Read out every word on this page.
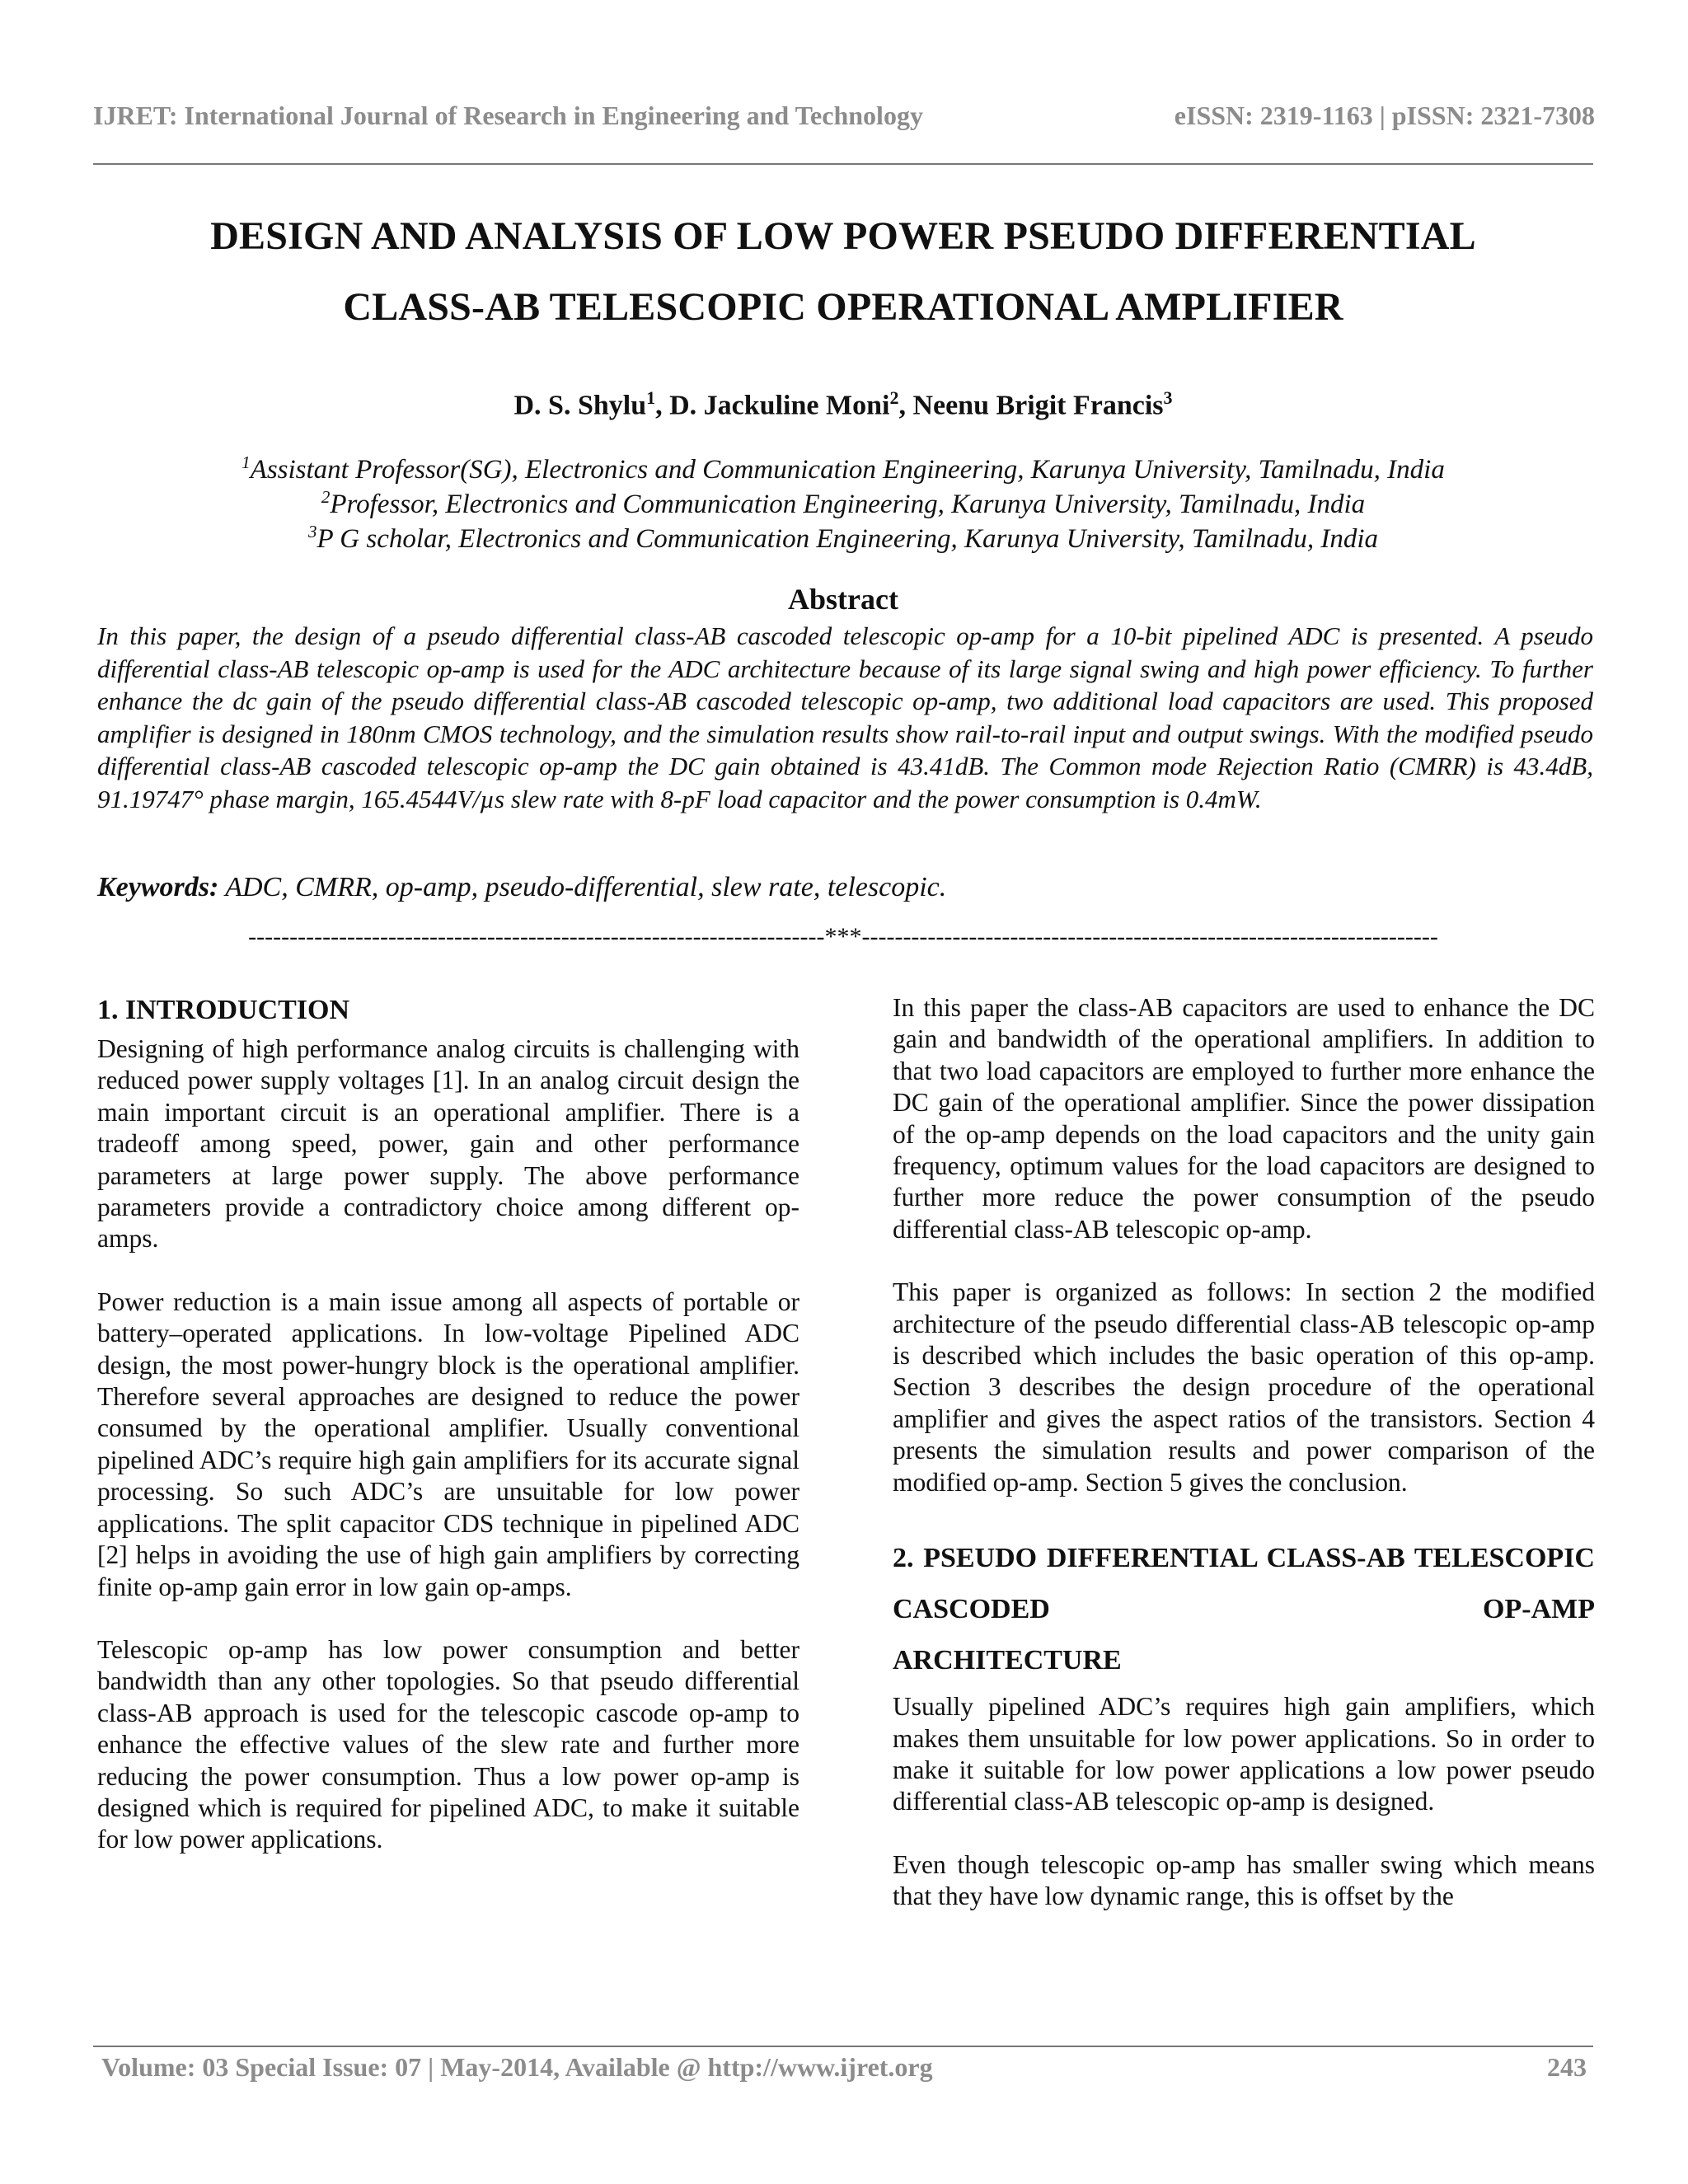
IJRET: International Journal of Research in Engineering and Technology	eISSN: 2319-1163 | pISSN: 2321-7308
DESIGN AND ANALYSIS OF LOW POWER PSEUDO DIFFERENTIAL
CLASS-AB TELESCOPIC OPERATIONAL AMPLIFIER
D. S. Shylu$^1$, D. Jackuline Moni$^2$, Neenu Brigit Francis$^3$
$^1$Assistant Professor(SG), Electronics and Communication Engineering, Karunya University, Tamilnadu, India
$^2$Professor, Electronics and Communication Engineering, Karunya University, Tamilnadu, India
$^3$P G scholar, Electronics and Communication Engineering, Karunya University, Tamilnadu, India
Abstract
In this paper, the design of a pseudo differential class-AB cascoded telescopic op-amp for a 10-bit pipelined ADC is presented. A pseudo differential class-AB telescopic op-amp is used for the ADC architecture because of its large signal swing and high power efficiency. To further enhance the dc gain of the pseudo differential class-AB cascoded telescopic op-amp, two additional load capacitors are used. This proposed amplifier is designed in 180nm CMOS technology, and the simulation results show rail-to-rail input and output swings. With the modified pseudo differential class-AB cascoded telescopic op-amp the DC gain obtained is 43.41dB. The Common mode Rejection Ratio (CMRR) is 43.4dB, 91.19747° phase margin, 165.4544V/µs slew rate with 8-pF load capacitor and the power consumption is 0.4mW.
Keywords: ADC, CMRR, op-amp, pseudo-differential, slew rate, telescopic.
----------------------------------------------------------------------***----------------------------------------------------------------------
1. INTRODUCTION

Designing of high performance analog circuits is challenging with reduced power supply voltages [1]. In an analog circuit design the main important circuit is an operational amplifier. There is a tradeoff among speed, power, gain and other performance parameters at large power supply. The above performance parameters provide a contradictory choice among different op-amps.

Power reduction is a main issue among all aspects of portable or battery–operated applications. In low-voltage Pipelined ADC design, the most power-hungry block is the operational amplifier. Therefore several approaches are designed to reduce the power consumed by the operational amplifier. Usually conventional pipelined ADC’s require high gain amplifiers for its accurate signal processing. So such ADC’s are unsuitable for low power applications. The split capacitor CDS technique in pipelined ADC [2] helps in avoiding the use of high gain amplifiers by correcting finite op-amp gain error in low gain op-amps.

Telescopic op-amp has low power consumption and better bandwidth than any other topologies. So that pseudo differential class-AB approach is used for the telescopic cascode op-amp to enhance the effective values of the slew rate and further more reducing the power consumption. Thus a low power op-amp is designed which is required for pipelined ADC, to make it suitable for low power applications.

In this paper the class-AB capacitors are used to enhance the DC gain and bandwidth of the operational amplifiers. In addition to that two load capacitors are employed to further more enhance the DC gain of the operational amplifier. Since the power dissipation of the op-amp depends on the load capacitors and the unity gain frequency, optimum values for the load capacitors are designed to further more reduce the power consumption of the pseudo differential class-AB telescopic op-amp.

This paper is organized as follows: In section 2 the modified architecture of the pseudo differential class-AB telescopic op-amp is described which includes the basic operation of this op-amp. Section 3 describes the design procedure of the operational amplifier and gives the aspect ratios of the transistors. Section 4 presents the simulation results and power comparison of the modified op-amp. Section 5 gives the conclusion.

2. PSEUDO DIFFERENTIAL CLASS-AB TELESCOPIC CASCODED OP-AMP
ARCHITECTURE

Usually pipelined ADC’s requires high gain amplifiers, which makes them unsuitable for low power applications. So in order to make it suitable for low power applications a low power pseudo differential class-AB telescopic op-amp is designed.

Even though telescopic op-amp has smaller swing which means that they have low dynamic range, this is offset by the

Volume: 03 Special Issue: 07 | May-2014, Available @ http://www.ijret.org	243
